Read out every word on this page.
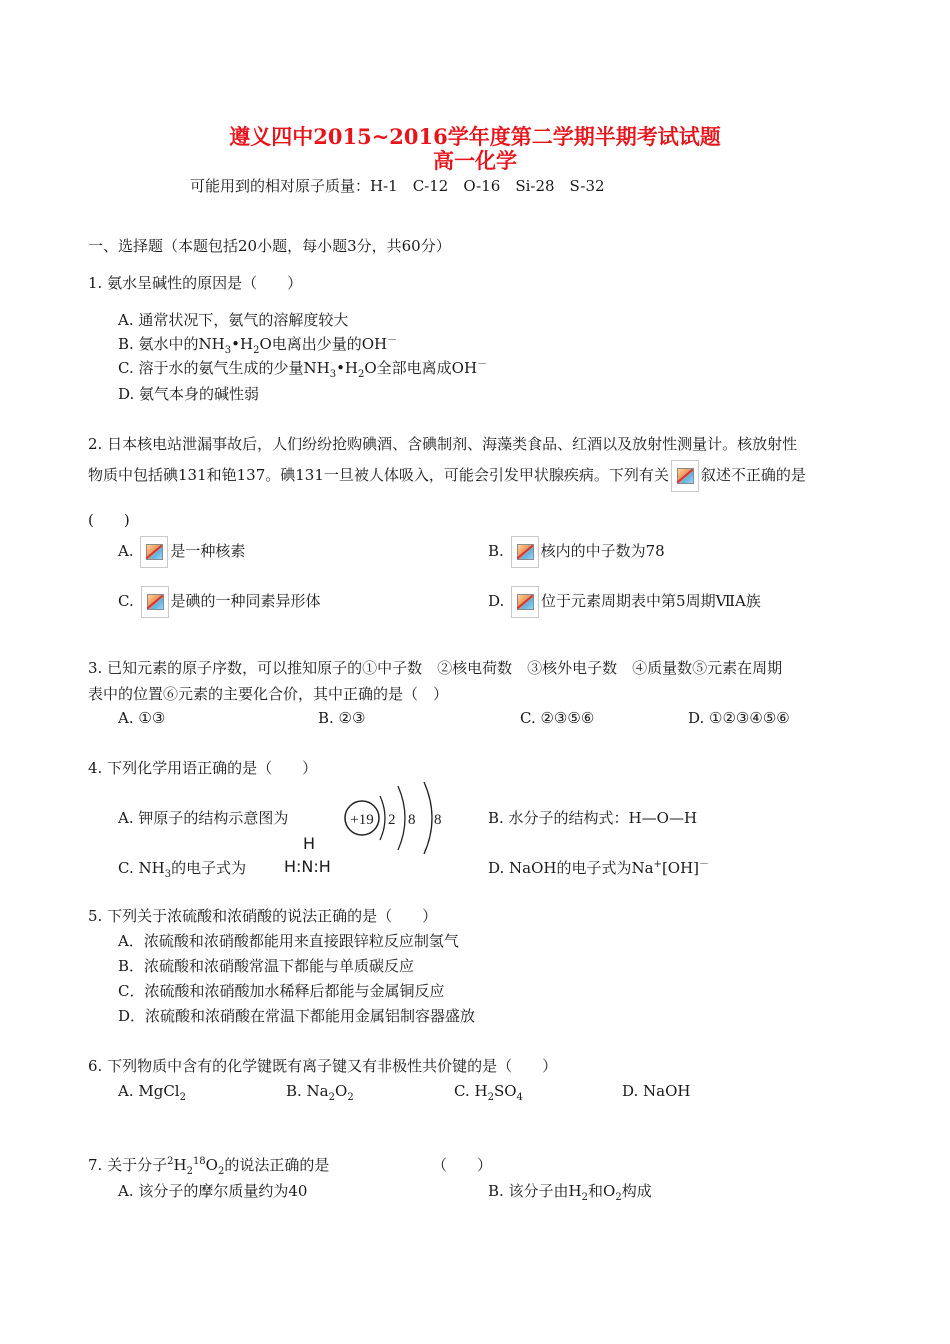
遵义四中2015~2016学年度第二学期半期考试试题
高一化学
可能用到的相对原子质量：H-1　C-12　O-16　Si-28　S-32
一、选择题（本题包括20小题，每小题3分，共60分）
1. 氨水呈碱性的原因是（　　）
A. 通常状况下，氨气的溶解度较大
B. 氨水中的$NH_3•H_2O$电离出少量的OH－
C. 溶于水的氨气生成的少量$NH_3•H_2O$全部电离成OH－
D. 氨气本身的碱性弱
2. 日本核电站泄漏事故后，人们纷纷抢购碘酒、含碘制剂、海藻类食品、红酒以及放射性测量计。核放射性
物质中包括碘131和铯137。碘131一旦被人体吸入，可能会引发甲状腺疾病。下列有关 叙述不正确的是
(　　)
A. 是一种核素	B. 核内的中子数为78
C. 是碘的一种同素异形体	D. 位于元素周期表中第5周期ⅦA族
3. 已知元素的原子序数，可以推知原子的①中子数　②核电荷数　③核外电子数　④质量数⑤元素在周期
表中的位置⑥元素的主要化合价，其中正确的是（　）
A. ①③	B. ②③	C. ②③⑤⑥	D. ①②③④⑤⑥
4. 下列化学用语正确的是（　　）
A. 钾原子的结构示意图为	+19 2 8 8	B. 水分子的结构式：H—O—H
C. $NH_3$的电子式为
H
H:N:H	D. NaOH的电子式为Na+[OH]－
5. 下列关于浓硫酸和浓硝酸的说法正确的是（　　）
A．浓硫酸和浓硝酸都能用来直接跟锌粒反应制氢气
B．浓硫酸和浓硝酸常温下都能与单质碳反应
C．浓硫酸和浓硝酸加水稀释后都能与金属铜反应
D．浓硫酸和浓硝酸在常温下都能用金属铝制容器盛放
6. 下列物质中含有的化学键既有离子键又有非极性共价键的是（　　）
A. MgCl$_2$	B. $Na_2O_2$	C. $H_2SO_4$	D. NaOH
7. 关于分子$^2H_2^{18}O_2$的说法正确的是	（　　）
A. 该分子的摩尔质量约为40	B. 该分子由$H_2$和$O_2$构成
